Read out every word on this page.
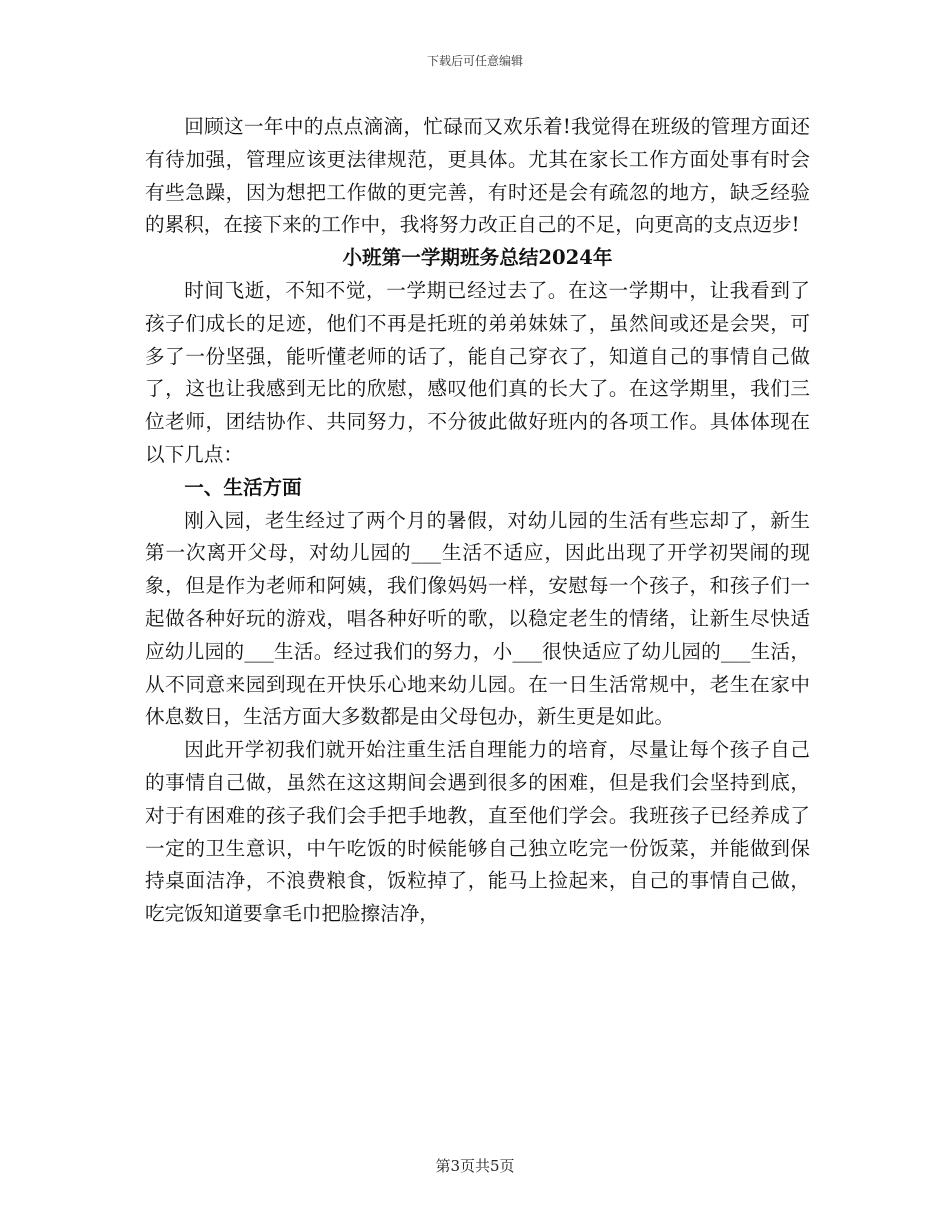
下载后可任意编辑

回顾这一年中的点点滴滴，忙碌而又欢乐着!我觉得在班级的管理方面还有待加强，管理应该更法律规范，更具体。尤其在家长工作方面处事有时会有些急躁，因为想把工作做的更完善，有时还是会有疏忽的地方，缺乏经验的累积，在接下来的工作中，我将努力改正自己的不足，向更高的支点迈步!

小班第一学期班务总结2024年

时间飞逝，不知不觉，一学期已经过去了。在这一学期中，让我看到了孩子们成长的足迹，他们不再是托班的弟弟妹妹了，虽然间或还是会哭，可多了一份坚强，能听懂老师的话了，能自己穿衣了，知道自己的事情自己做了，这也让我感到无比的欣慰，感叹他们真的长大了。在这学期里，我们三位老师，团结协作、共同努力，不分彼此做好班内的各项工作。具体体现在以下几点：

一、生活方面

刚入园，老生经过了两个月的暑假，对幼儿园的生活有些忘却了，新生第一次离开父母，对幼儿园的___生活不适应，因此出现了开学初哭闹的现象，但是作为老师和阿姨，我们像妈妈一样，安慰每一个孩子，和孩子们一起做各种好玩的游戏，唱各种好听的歌，以稳定老生的情绪，让新生尽快适应幼儿园的___生活。经过我们的努力，小___很快适应了幼儿园的___生活，从不同意来园到现在开快乐心地来幼儿园。在一日生活常规中，老生在家中休息数日，生活方面大多数都是由父母包办，新生更是如此。

因此开学初我们就开始注重生活自理能力的培育，尽量让每个孩子自己的事情自己做，虽然在这这期间会遇到很多的困难，但是我们会坚持到底，对于有困难的孩子我们会手把手地教，直至他们学会。我班孩子已经养成了一定的卫生意识，中午吃饭的时候能够自己独立吃完一份饭菜，并能做到保持桌面洁净，不浪费粮食，饭粒掉了，能马上捡起来，自己的事情自己做，吃完饭知道要拿毛巾把脸擦洁净，

第3页共5页
